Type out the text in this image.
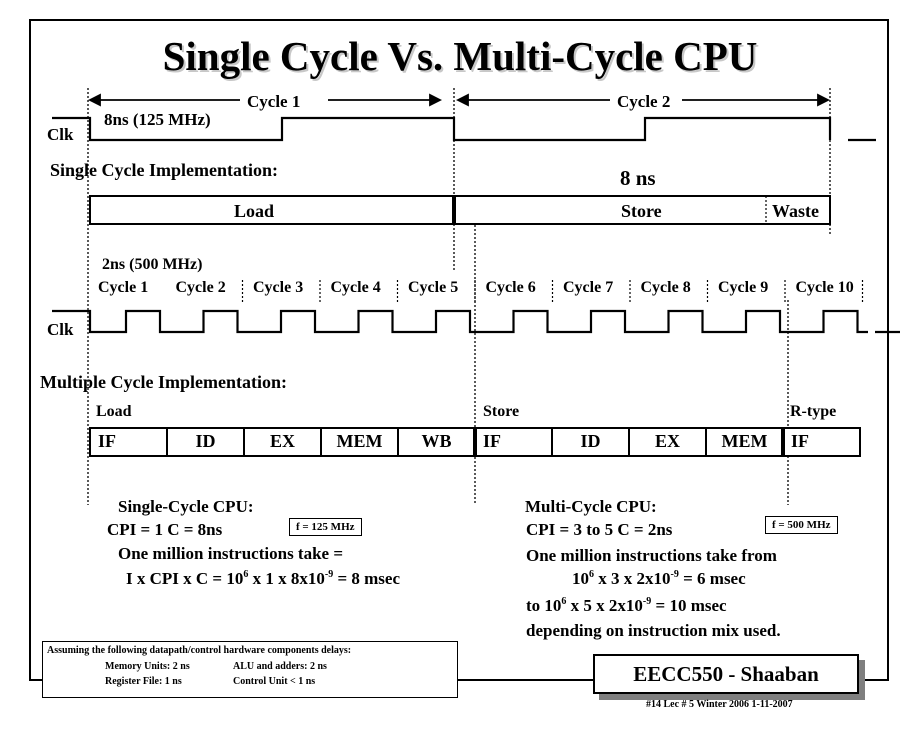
Single Cycle Vs. Multi-Cycle CPU
Clk
8ns (125 MHz)
Cycle 1	Cycle 2
Single Cycle Implementation:	8 ns
Load	Store	Waste
2ns (500 MHz)
Cycle 1 Cycle 2 Cycle 3 Cycle 4 Cycle 5 Cycle 6 Cycle 7 Cycle 8 Cycle 9 Cycle 10
Clk
Multiple Cycle Implementation:
Load	Store	R-type
IF	ID	EX	MEM	WB	IF	ID	EX	MEM	IF
Single-Cycle CPU:
CPI = 1 C = 8ns	f = 125 MHz
One million instructions take =
I x CPI x $C = 10^6$ x 1 x $8x10^{-9} = 8$ msec
Multi-Cycle CPU:
CPI = 3 to 5 C = 2ns	f = 500 MHz
One million instructions take from
$10^6$ x 3 x $2x10^{-9} = 6$ msec
to $10^6$ x 5 x $2x10^{-9} = 10$ msec
depending on instruction mix used.
Assuming the following datapath/control hardware components delays:
Memory Units: 2 ns	ALU and adders: 2 ns
Register File: 1 ns	Control Unit < 1 ns	EECC550 - Shaaban
#14 Lec # 5 Winter 2006 1-11-2007
